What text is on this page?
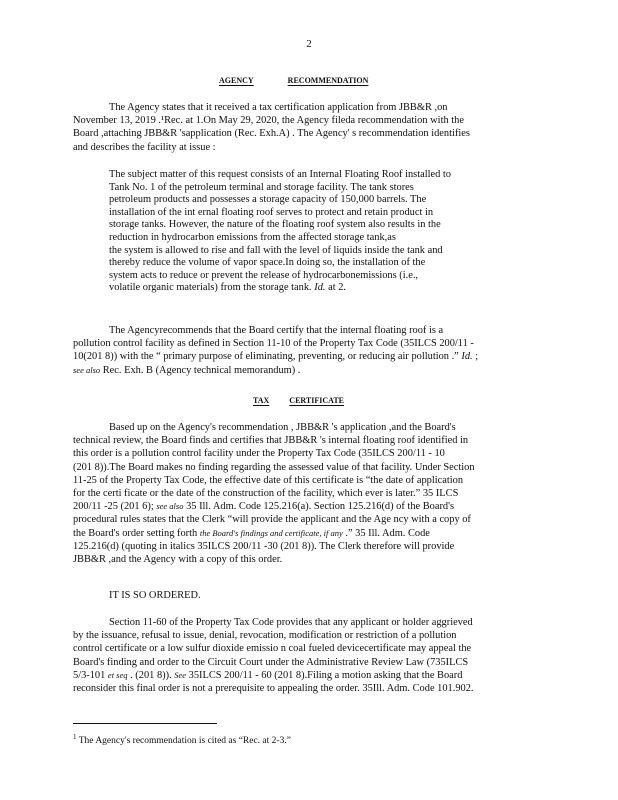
2
AGENCY	RECOMMENDATION

The Agency states that it received a tax certification application from JBB&R ,on
November 13, 2019 .¹Rec. at 1.On May 29, 2020, the Agency fileda recommendation with the
Board ,attaching JBB&R 'sapplication (Rec. Exh.A) . The Agency' s recommendation identifies
and describes the facility at issue :

The subject matter of this request consists of an Internal Floating Roof installed to
Tank No. 1 of the petroleum terminal and storage facility. The tank stores
petroleum products and possesses a storage capacity of 150,000 barrels. The
installation of the int ernal floating roof serves to protect and retain product in
storage tanks. However, the nature of the floating roof system also results in the
reduction in hydrocarbon emissions from the affected storage tank,as
the system is allowed to rise and fall with the level of liquids inside the tank and
thereby reduce the volume of vapor space.In doing so, the installation of the
system acts to reduce or prevent the release of hydrocarbonemissions (i.e.,
volatile organic materials) from the storage tank. Id. at 2.

The Agencyrecommends that the Board certify that the internal floating roof is a
pollution control facility as defined in Section 11-10 of the Property Tax Code (35ILCS 200/11 -
10(201 8)) with the “ primary purpose of eliminating, preventing, or reducing air pollution .” Id. ;
see also Rec. Exh. B (Agency technical memorandum) .

TAX	CERTIFICATE

Based up on the Agency's recommendation , JBB&R 's application ,and the Board's
technical review, the Board finds and certifies that JBB&R 's internal floating roof identified in
this order is a pollution control facility under the Property Tax Code (35ILCS 200/11 - 10
(201 8)).The Board makes no finding regarding the assessed value of that facility. Under Section
11-25 of the Property Tax Code, the effective date of this certificate is “the date of application
for the certi ficate or the date of the construction of the facility, which ever is later.” 35 ILCS
200/11 -25 (201 6); see also 35 Ill. Adm. Code 125.216(a). Section 125.216(d) of the Board's
procedural rules states that the Clerk “will provide the applicant and the Age ncy with a copy of
the Board's order setting forth the Board's findings and certificate, if any .” 35 Ill. Adm. Code
125.216(d) (quoting in italics 35ILCS 200/11 -30 (201 8)). The Clerk therefore will provide
JBB&R ,and the Agency with a copy of this order.

IT IS SO ORDERED.

Section 11-60 of the Property Tax Code provides that any applicant or holder aggrieved
by the issuance, refusal to issue, denial, revocation, modification or restriction of a pollution
control certificate or a low sulfur dioxide emissio n coal fueled devicecertificate may appeal the
Board's finding and order to the Circuit Court under the Administrative Review Law (735ILCS
5/3-101 et seq . (201 8)). See 35ILCS 200/11 - 60 (201 8).Filing a motion asking that the Board
reconsider this final order is not a prerequisite to appealing the order. 35Ill. Adm. Code 101.902.

$^1$ The Agency's recommendation is cited as “Rec. at 2-3.”
